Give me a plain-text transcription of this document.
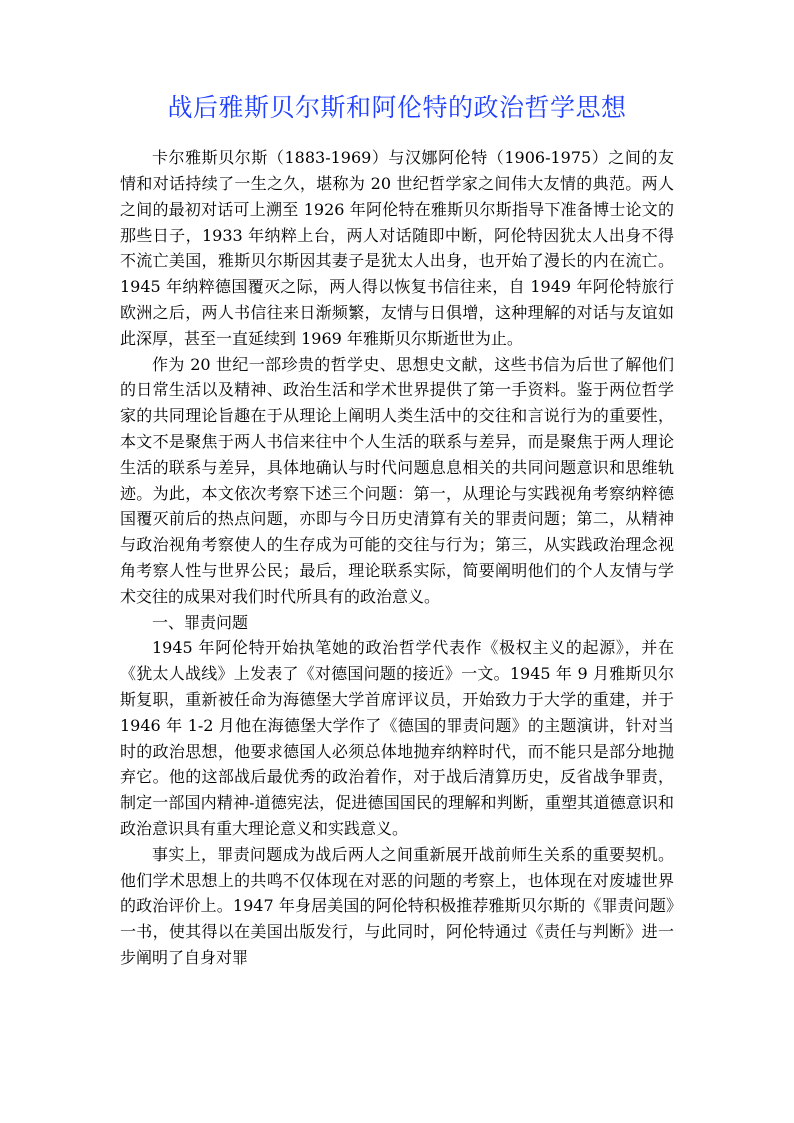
战后雅斯贝尔斯和阿伦特的政治哲学思想

卡尔雅斯贝尔斯（1883-1969）与汉娜阿伦特（1906-1975）之间的友情和对话持续了一生之久，堪称为 20 世纪哲学家之间伟大友情的典范。两人之间的最初对话可上溯至 1926 年阿伦特在雅斯贝尔斯指导下准备博士论文的那些日子，1933 年纳粹上台，两人对话随即中断，阿伦特因犹太人出身不得不流亡美国，雅斯贝尔斯因其妻子是犹太人出身，也开始了漫长的内在流亡。1945 年纳粹德国覆灭之际，两人得以恢复书信往来，自 1949 年阿伦特旅行欧洲之后，两人书信往来日渐频繁，友情与日俱增，这种理解的对话与友谊如此深厚，甚至一直延续到 1969 年雅斯贝尔斯逝世为止。

作为 20 世纪一部珍贵的哲学史、思想史文献，这些书信为后世了解他们的日常生活以及精神、政治生活和学术世界提供了第一手资料。鉴于两位哲学家的共同理论旨趣在于从理论上阐明人类生活中的交往和言说行为的重要性，本文不是聚焦于两人书信来往中个人生活的联系与差异，而是聚焦于两人理论生活的联系与差异，具体地确认与时代问题息息相关的共同问题意识和思维轨迹。为此，本文依次考察下述三个问题：第一，从理论与实践视角考察纳粹德国覆灭前后的热点问题，亦即与今日历史清算有关的罪责问题；第二，从精神与政治视角考察使人的生存成为可能的交往与行为；第三，从实践政治理念视角考察人性与世界公民；最后，理论联系实际，简要阐明他们的个人友情与学术交往的成果对我们时代所具有的政治意义。

一、罪责问题

1945 年阿伦特开始执笔她的政治哲学代表作《极权主义的起源》，并在《犹太人战线》上发表了《对德国问题的接近》一文。1945 年 9 月雅斯贝尔斯复职，重新被任命为海德堡大学首席评议员，开始致力于大学的重建，并于 1946 年 1-2 月他在海德堡大学作了《德国的罪责问题》的主题演讲，针对当时的政治思想，他要求德国人必须总体地抛弃纳粹时代，而不能只是部分地抛弃它。他的这部战后最优秀的政治着作，对于战后清算历史，反省战争罪责，制定一部国内精神-道德宪法，促进德国国民的理解和判断，重塑其道德意识和政治意识具有重大理论意义和实践意义。

事实上，罪责问题成为战后两人之间重新展开战前师生关系的重要契机。他们学术思想上的共鸣不仅体现在对恶的问题的考察上，也体现在对废墟世界的政治评价上。1947 年身居美国的阿伦特积极推荐雅斯贝尔斯的《罪责问题》一书，使其得以在美国出版发行，与此同时，阿伦特通过《责任与判断》进一步阐明了自身对罪
